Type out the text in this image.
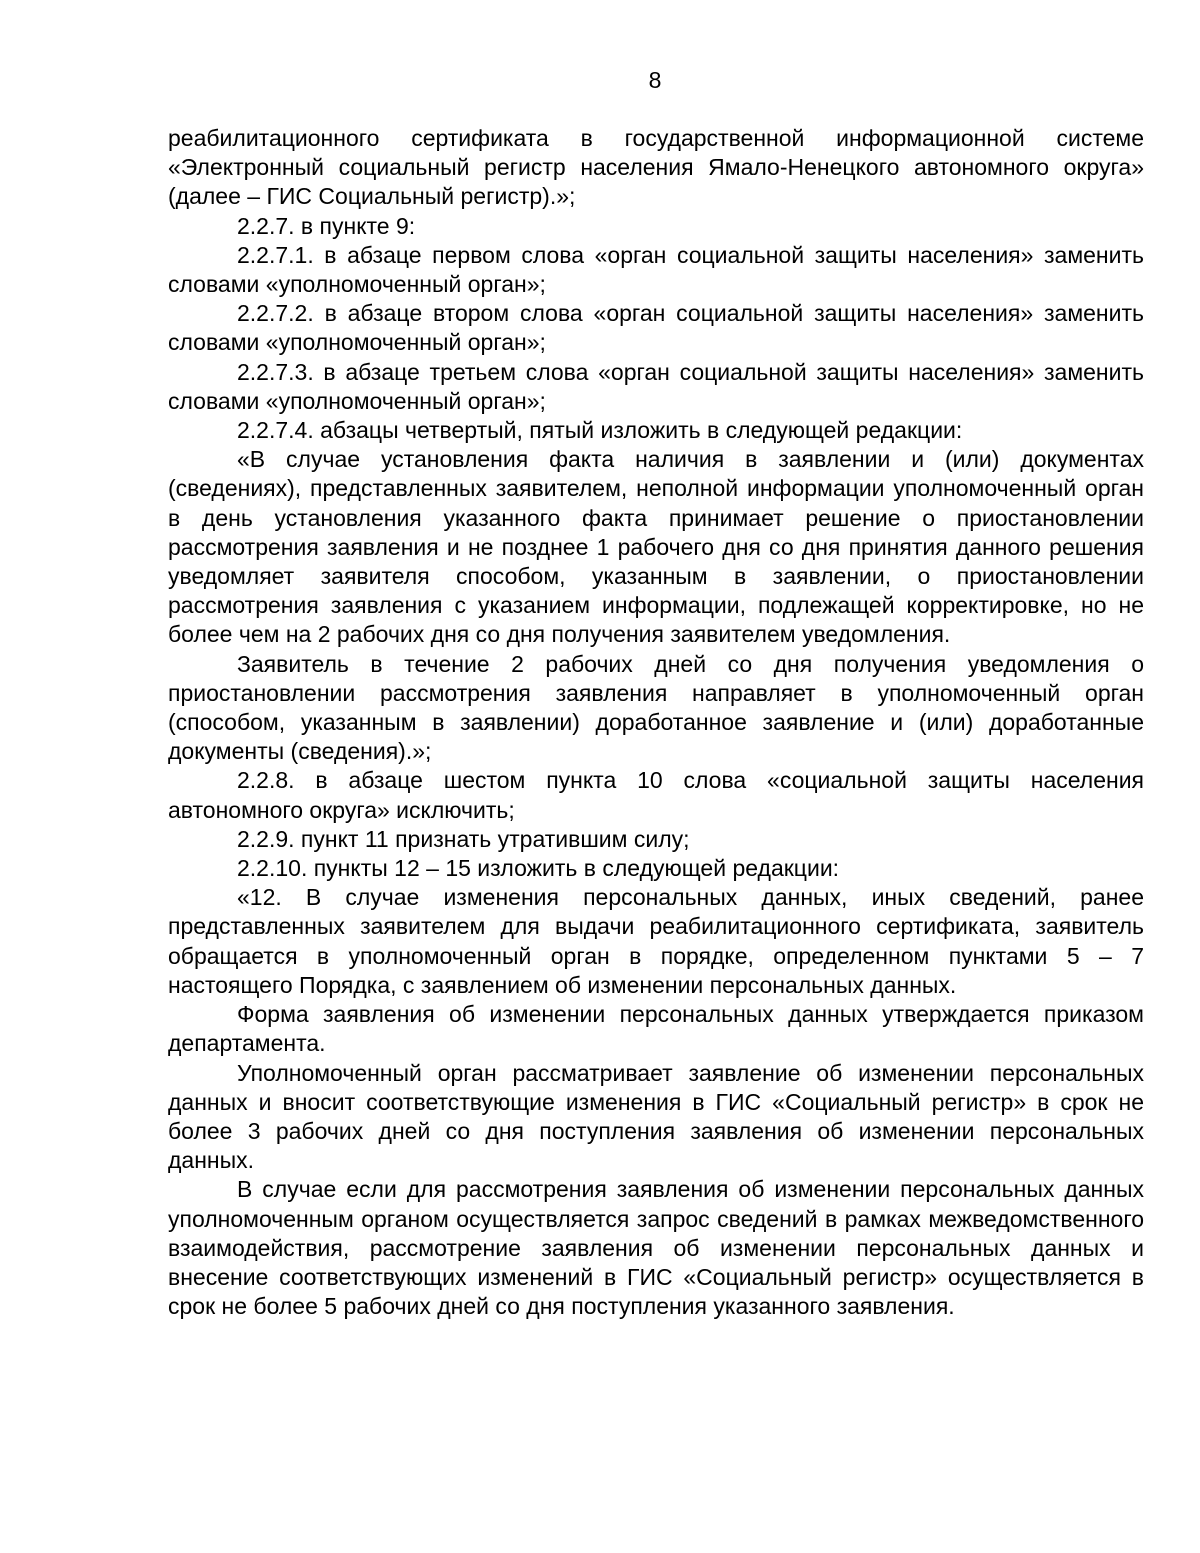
8

реабилитационного сертификата в государственной информационной системе «Электронный социальный регистр населения Ямало-Ненецкого автономного округа» (далее – ГИС Социальный регистр).»;

2.2.7. в пункте 9:

2.2.7.1. в абзаце первом слова «орган социальной защиты населения» заменить словами «уполномоченный орган»;

2.2.7.2. в абзаце втором слова «орган социальной защиты населения» заменить словами «уполномоченный орган»;

2.2.7.3. в абзаце третьем слова «орган социальной защиты населения» заменить словами «уполномоченный орган»;

2.2.7.4. абзацы четвертый, пятый изложить в следующей редакции:

«В случае установления факта наличия в заявлении и (или) документах (сведениях), представленных заявителем, неполной информации уполномоченный орган в день установления указанного факта принимает решение о приостановлении рассмотрения заявления и не позднее 1 рабочего дня со дня принятия данного решения уведомляет заявителя способом, указанным в заявлении, о приостановлении рассмотрения заявления с указанием информации, подлежащей корректировке, но не более чем на 2 рабочих дня со дня получения заявителем уведомления.

Заявитель в течение 2 рабочих дней со дня получения уведомления о приостановлении рассмотрения заявления направляет в уполномоченный орган (способом, указанным в заявлении) доработанное заявление и (или) доработанные документы (сведения).»;

2.2.8. в абзаце шестом пункта 10 слова «социальной защиты населения автономного округа» исключить;

2.2.9. пункт 11 признать утратившим силу;

2.2.10. пункты 12 – 15 изложить в следующей редакции:

«12. В случае изменения персональных данных, иных сведений, ранее представленных заявителем для выдачи реабилитационного сертификата, заявитель обращается в уполномоченный орган в порядке, определенном пунктами 5 – 7 настоящего Порядка, с заявлением об изменении персональных данных.

Форма заявления об изменении персональных данных утверждается приказом департамента.

Уполномоченный орган рассматривает заявление об изменении персональных данных и вносит соответствующие изменения в ГИС «Социальный регистр» в срок не более 3 рабочих дней со дня поступления заявления об изменении персональных данных.

В случае если для рассмотрения заявления об изменении персональных данных уполномоченным органом осуществляется запрос сведений в рамках межведомственного взаимодействия, рассмотрение заявления об изменении персональных данных и внесение соответствующих изменений в ГИС «Социальный регистр» осуществляется в срок не более 5 рабочих дней со дня поступления указанного заявления.
